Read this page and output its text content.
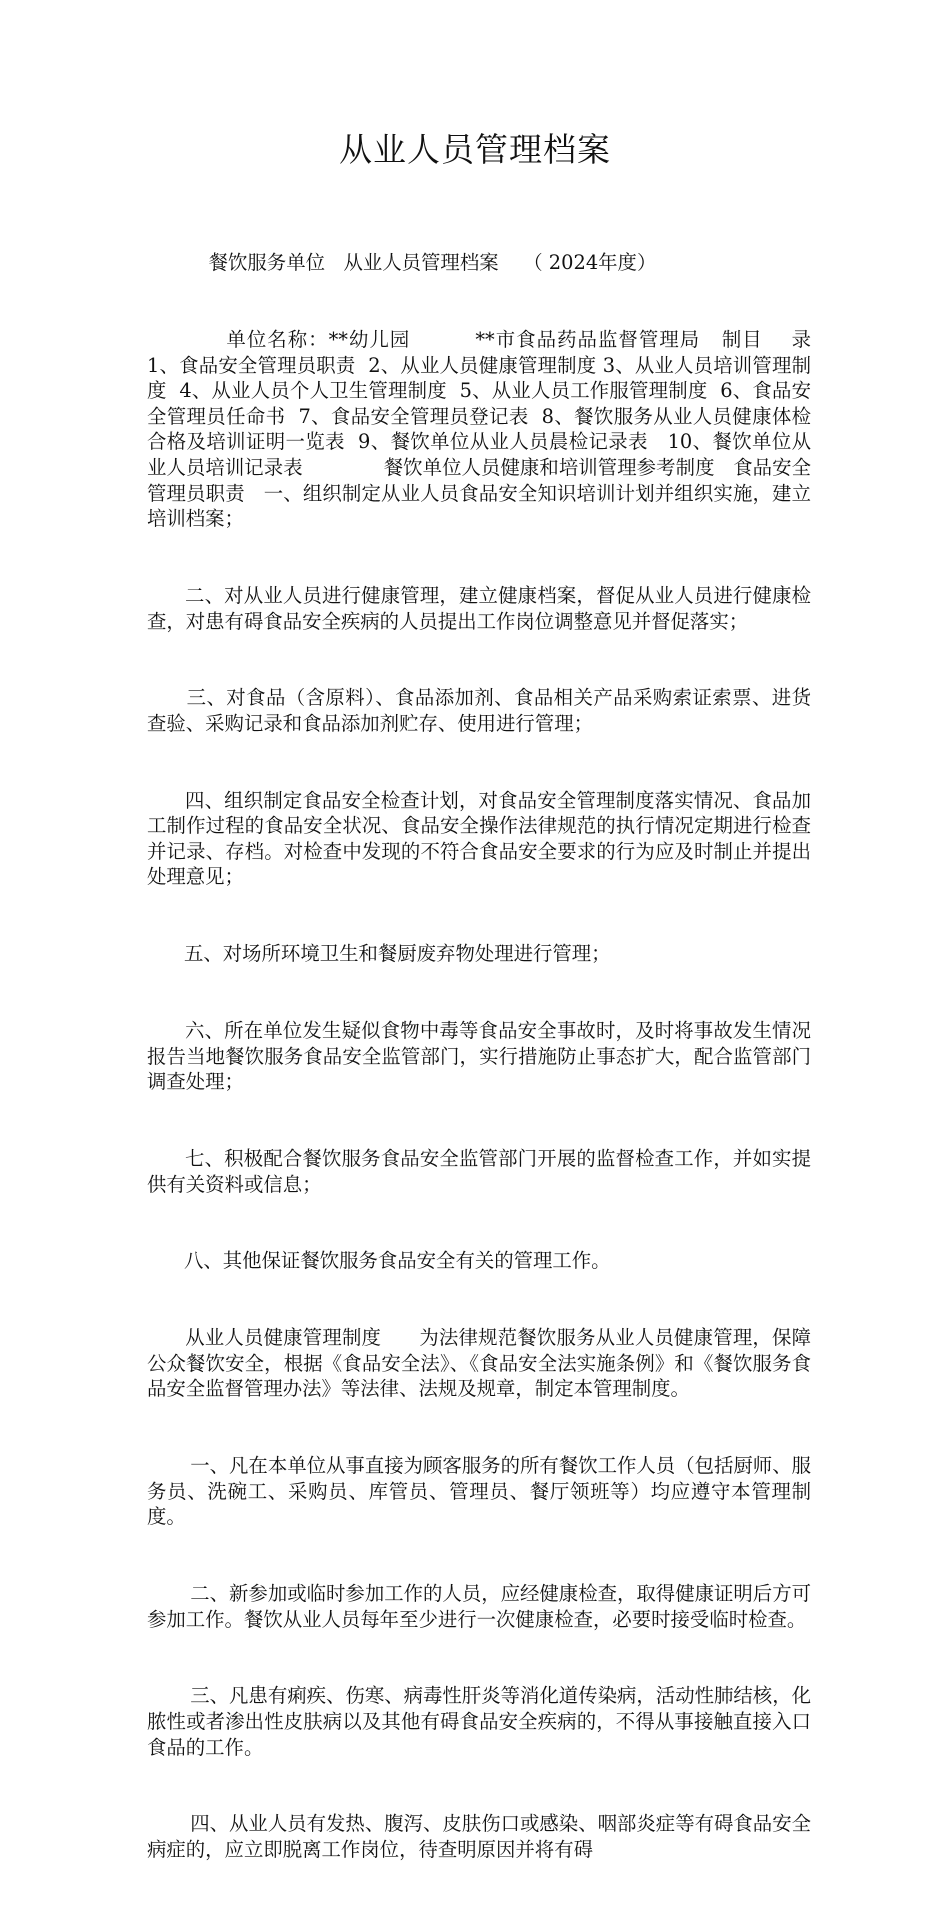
从业人员管理档案

餐饮服务单位   从业人员管理档案    （ 2024年度）

单位名称：**幼儿园         **市食品药品监督管理局   制目    录    1、食品安全管理员职责  2、从业人员健康管理制度 3、从业人员培训管理制度  4、从业人员个人卫生管理制度  5、从业人员工作服管理制度  6、食品安全管理员任命书  7、食品安全管理员登记表  8、餐饮服务从业人员健康体检合格及培训证明一览表  9、餐饮单位从业人员晨检记录表   10、餐饮单位从业人员培训记录表             餐饮单位人员健康和培训管理参考制度   食品安全管理员职责   一、组织制定从业人员食品安全知识培训计划并组织实施，建立培训档案；

二、对从业人员进行健康管理，建立健康档案，督促从业人员进行健康检查，对患有碍食品安全疾病的人员提出工作岗位调整意见并督促落实；

三、对食品（含原料）、食品添加剂、食品相关产品采购索证索票、进货查验、采购记录和食品添加剂贮存、使用进行管理；

四、组织制定食品安全检查计划，对食品安全管理制度落实情况、食品加工制作过程的食品安全状况、食品安全操作法律规范的执行情况定期进行检查并记录、存档。对检查中发现的不符合食品安全要求的行为应及时制止并提出处理意见；

五、对场所环境卫生和餐厨废弃物处理进行管理；

六、所在单位发生疑似食物中毒等食品安全事故时，及时将事故发生情况报告当地餐饮服务食品安全监管部门，实行措施防止事态扩大，配合监管部门调查处理；

七、积极配合餐饮服务食品安全监管部门开展的监督检查工作，并如实提供有关资料或信息；

八、其他保证餐饮服务食品安全有关的管理工作。

从业人员健康管理制度      为法律规范餐饮服务从业人员健康管理，保障公众餐饮安全，根据《食品安全法》、《食品安全法实施条例》和《餐饮服务食品安全监督管理办法》等法律、法规及规章，制定本管理制度。

一、凡在本单位从事直接为顾客服务的所有餐饮工作人员（包括厨师、服务员、洗碗工、采购员、库管员、管理员、餐厅领班等）均应遵守本管理制度。

二、新参加或临时参加工作的人员，应经健康检查，取得健康证明后方可参加工作。餐饮从业人员每年至少进行一次健康检查，必要时接受临时检查。

三、凡患有痢疾、伤寒、病毒性肝炎等消化道传染病，活动性肺结核，化脓性或者渗出性皮肤病以及其他有碍食品安全疾病的，不得从事接触直接入口食品的工作。

四、从业人员有发热、腹泻、皮肤伤口或感染、咽部炎症等有碍食品安全病症的，应立即脱离工作岗位，待查明原因并将有碍
